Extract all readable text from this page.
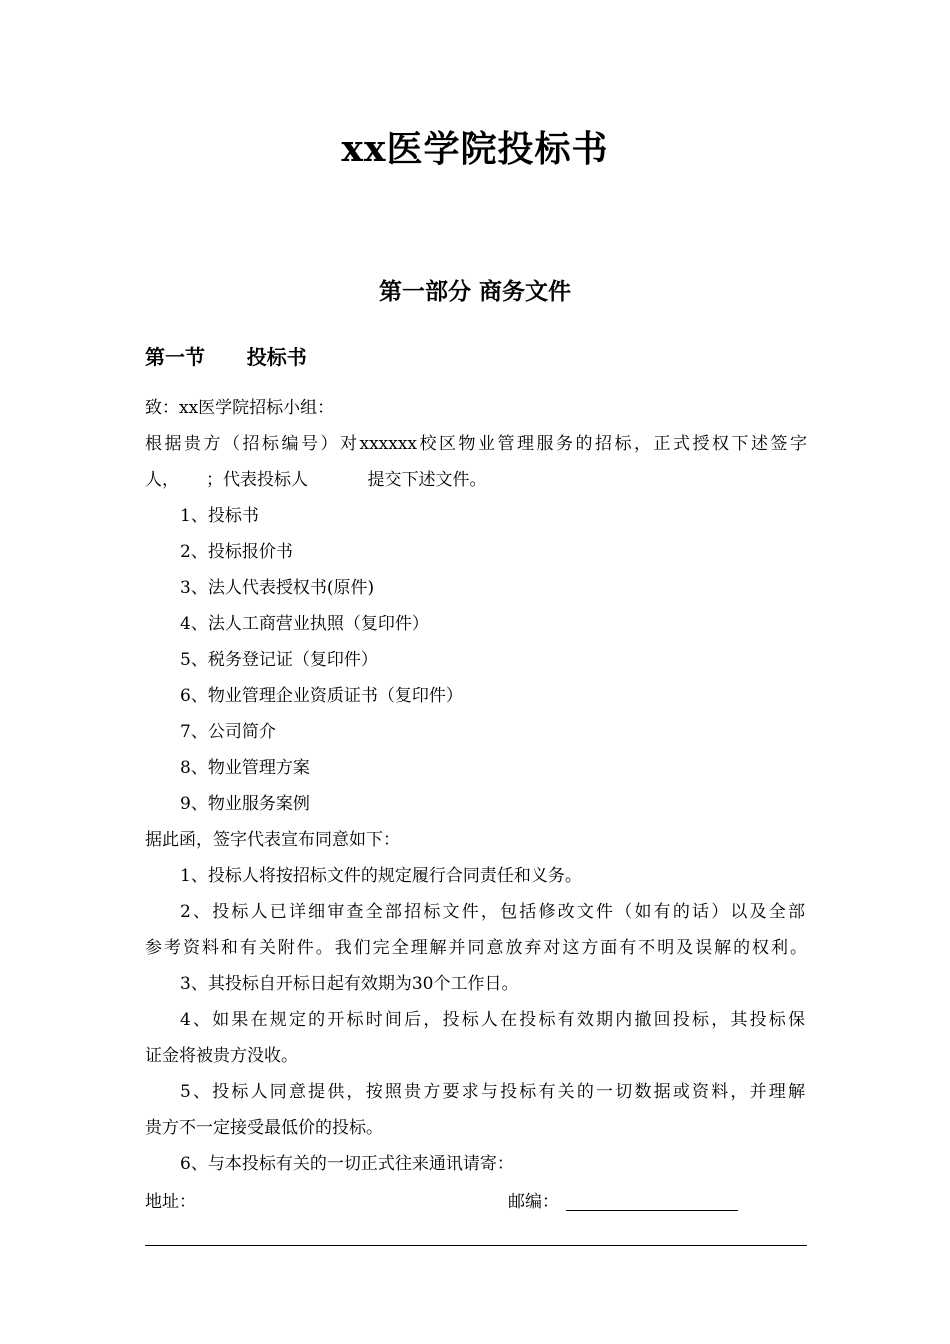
xx医学院投标书
第一部分 商务文件
第一节      投标书
致：xx医学院招标小组：
根据贵方（招标编号）对xxxxxx校区物业管理服务的招标，正式授权下述签字
人，     ；代表投标人           提交下述文件。
1、投标书
2、投标报价书
3、法人代表授权书(原件)
4、法人工商营业执照（复印件）
5、税务登记证（复印件）
6、物业管理企业资质证书（复印件）
7、公司简介
8、物业管理方案
9、物业服务案例
据此函，签字代表宣布同意如下：
1、投标人将按招标文件的规定履行合同责任和义务。
2、投标人已详细审查全部招标文件，包括修改文件（如有的话）以及全部
参考资料和有关附件。我们完全理解并同意放弃对这方面有不明及误解的权利。
3、其投标自开标日起有效期为30个工作日。
4、如果在规定的开标时间后，投标人在投标有效期内撤回投标，其投标保
证金将被贵方没收。
5、投标人同意提供，按照贵方要求与投标有关的一切数据或资料，并理解
贵方不一定接受最低价的投标。
6、与本投标有关的一切正式往来通讯请寄：
地址：	邮编：
